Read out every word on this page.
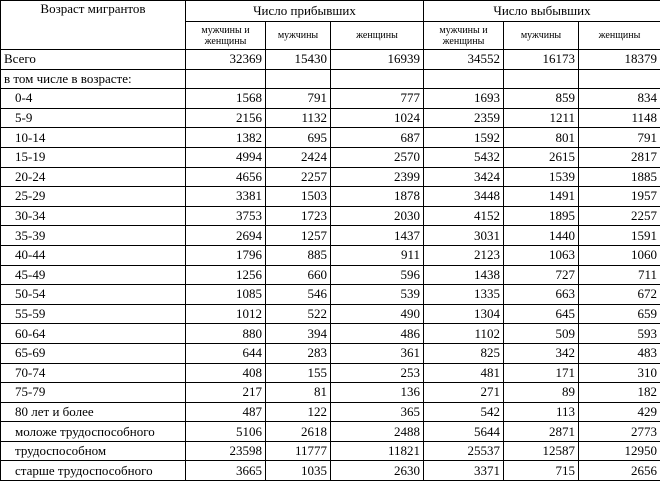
Возраст мигрантов	Число прибывших			Число выбывших		
	мужчины и женщины	мужчины	женщины	мужчины и женщины	мужчины	женщины
Всего	32369	15430	16939	34552	16173	18379
в том числе в возрасте:						
0-4	1568	791	777	1693	859	834
5-9	2156	1132	1024	2359	1211	1148
10-14	1382	695	687	1592	801	791
15-19	4994	2424	2570	5432	2615	2817
20-24	4656	2257	2399	3424	1539	1885
25-29	3381	1503	1878	3448	1491	1957
30-34	3753	1723	2030	4152	1895	2257
35-39	2694	1257	1437	3031	1440	1591
40-44	1796	885	911	2123	1063	1060
45-49	1256	660	596	1438	727	711
50-54	1085	546	539	1335	663	672
55-59	1012	522	490	1304	645	659
60-64	880	394	486	1102	509	593
65-69	644	283	361	825	342	483
70-74	408	155	253	481	171	310
75-79	217	81	136	271	89	182
80 лет и более	487	122	365	542	113	429
моложе трудоспособного	5106	2618	2488	5644	2871	2773
трудоспособном	23598	11777	11821	25537	12587	12950
старше трудоспособного	3665	1035	2630	3371	715	2656
